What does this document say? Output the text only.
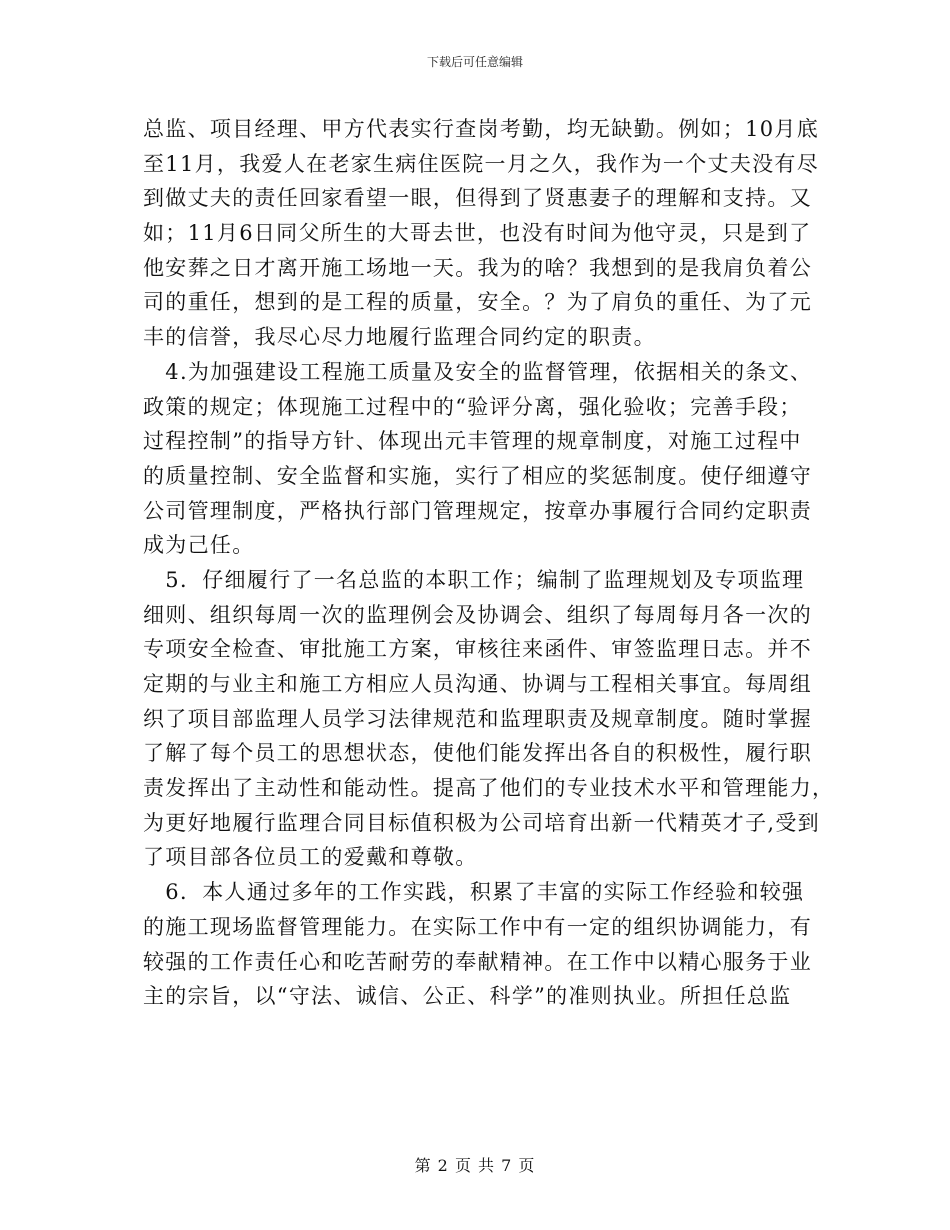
下载后可任意编辑
总监、项目经理、甲方代表实行查岗考勤，均无缺勤。例如；10月底
至11月，我爱人在老家生病住医院一月之久，我作为一个丈夫没有尽
到做丈夫的责任回家看望一眼，但得到了贤惠妻子的理解和支持。又
如；11月6日同父所生的大哥去世，也没有时间为他守灵，只是到了
他安葬之日才离开施工场地一天。我为的啥？我想到的是我肩负着公
司的重任，想到的是工程的质量，安全。？为了肩负的重任、为了元
丰的信誉，我尽心尽力地履行监理合同约定的职责。
　4.为加强建设工程施工质量及安全的监督管理，依据相关的条文、
政策的规定；体现施工过程中的“验评分离，强化验收；完善手段；
过程控制”的指导方针、体现出元丰管理的规章制度，对施工过程中
的质量控制、安全监督和实施，实行了相应的奖惩制度。使仔细遵守
公司管理制度，严格执行部门管理规定，按章办事履行合同约定职责
成为己任。
　5．仔细履行了一名总监的本职工作；编制了监理规划及专项监理
细则、组织每周一次的监理例会及协调会、组织了每周每月各一次的
专项安全检查、审批施工方案，审核往来函件、审签监理日志。并不
定期的与业主和施工方相应人员沟通、协调与工程相关事宜。每周组
织了项目部监理人员学习法律规范和监理职责及规章制度。随时掌握
了解了每个员工的思想状态，使他们能发挥出各自的积极性，履行职
责发挥出了主动性和能动性。提高了他们的专业技术水平和管理能力，
为更好地履行监理合同目标值积极为公司培育出新一代精英才子,受到
了项目部各位员工的爱戴和尊敬。
　6．本人通过多年的工作实践，积累了丰富的实际工作经验和较强
的施工现场监督管理能力。在实际工作中有一定的组织协调能力，有
较强的工作责任心和吃苦耐劳的奉献精神。在工作中以精心服务于业
主的宗旨，以“守法、诚信、公正、科学”的准则执业。所担任总监
第 2 页 共 7 页
